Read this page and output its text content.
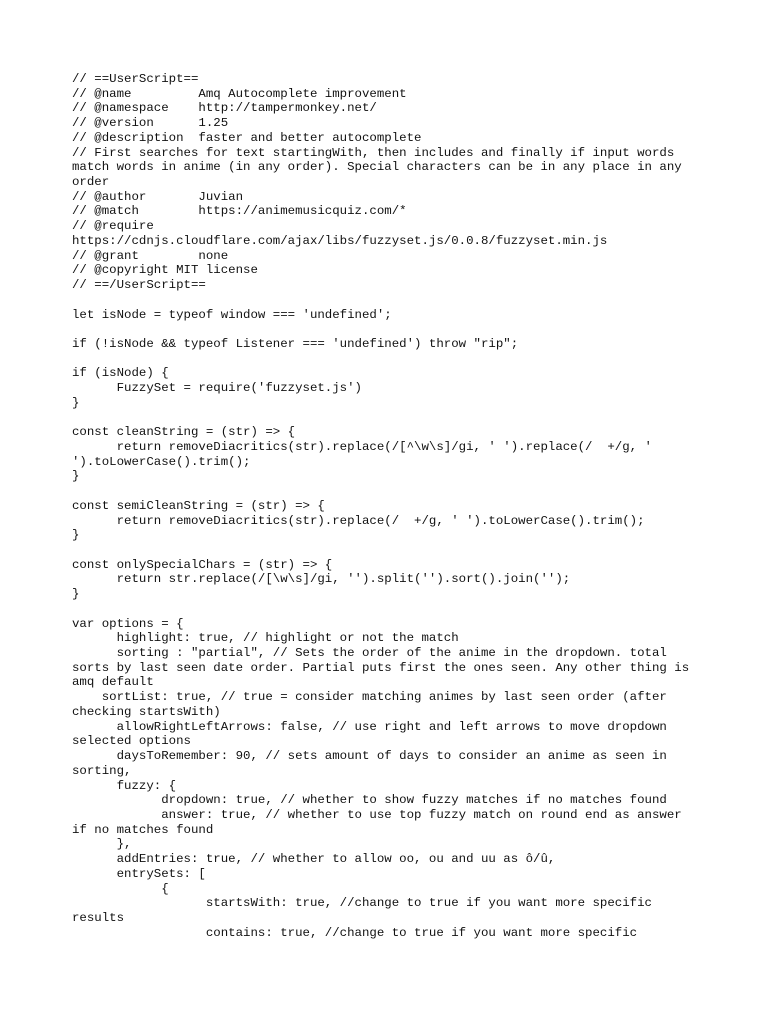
// ==UserScript==
// @name         Amq Autocomplete improvement
// @namespace    http://tampermonkey.net/
// @version      1.25
// @description  faster and better autocomplete
// First searches for text startingWith, then includes and finally if input words
match words in anime (in any order). Special characters can be in any place in any
order
// @author       Juvian
// @match        https://animemusicquiz.com/*
// @require
https://cdnjs.cloudflare.com/ajax/libs/fuzzyset.js/0.0.8/fuzzyset.min.js
// @grant        none
// @copyright MIT license
// ==/UserScript==
let isNode = typeof window === 'undefined';
if (!isNode && typeof Listener === 'undefined') throw "rip";
if (isNode) {
FuzzySet = require('fuzzyset.js')
}
const cleanString = (str) => {
return removeDiacritics(str).replace(/[^\w\s]/gi, ' ').replace(/  +/g, '
').toLowerCase().trim();
}
const semiCleanString = (str) => {
return removeDiacritics(str).replace(/  +/g, ' ').toLowerCase().trim();
}
const onlySpecialChars = (str) => {
return str.replace(/[\w\s]/gi, '').split('').sort().join('');
}
var options = {
highlight: true, // highlight or not the match
sorting : "partial", // Sets the order of the anime in the dropdown. total
sorts by last seen date order. Partial puts first the ones seen. Any other thing is
amq default
sortList: true, // true = consider matching animes by last seen order (after
checking startsWith)
allowRightLeftArrows: false, // use right and left arrows to move dropdown
selected options
daysToRemember: 90, // sets amount of days to consider an anime as seen in
sorting,
fuzzy: {
dropdown: true, // whether to show fuzzy matches if no matches found
answer: true, // whether to use top fuzzy match on round end as answer
if no matches found
},
addEntries: true, // whether to allow oo, ou and uu as ô/û,
entrySets: [
{
startsWith: true, //change to true if you want more specific
results
contains: true, //change to true if you want more specific
